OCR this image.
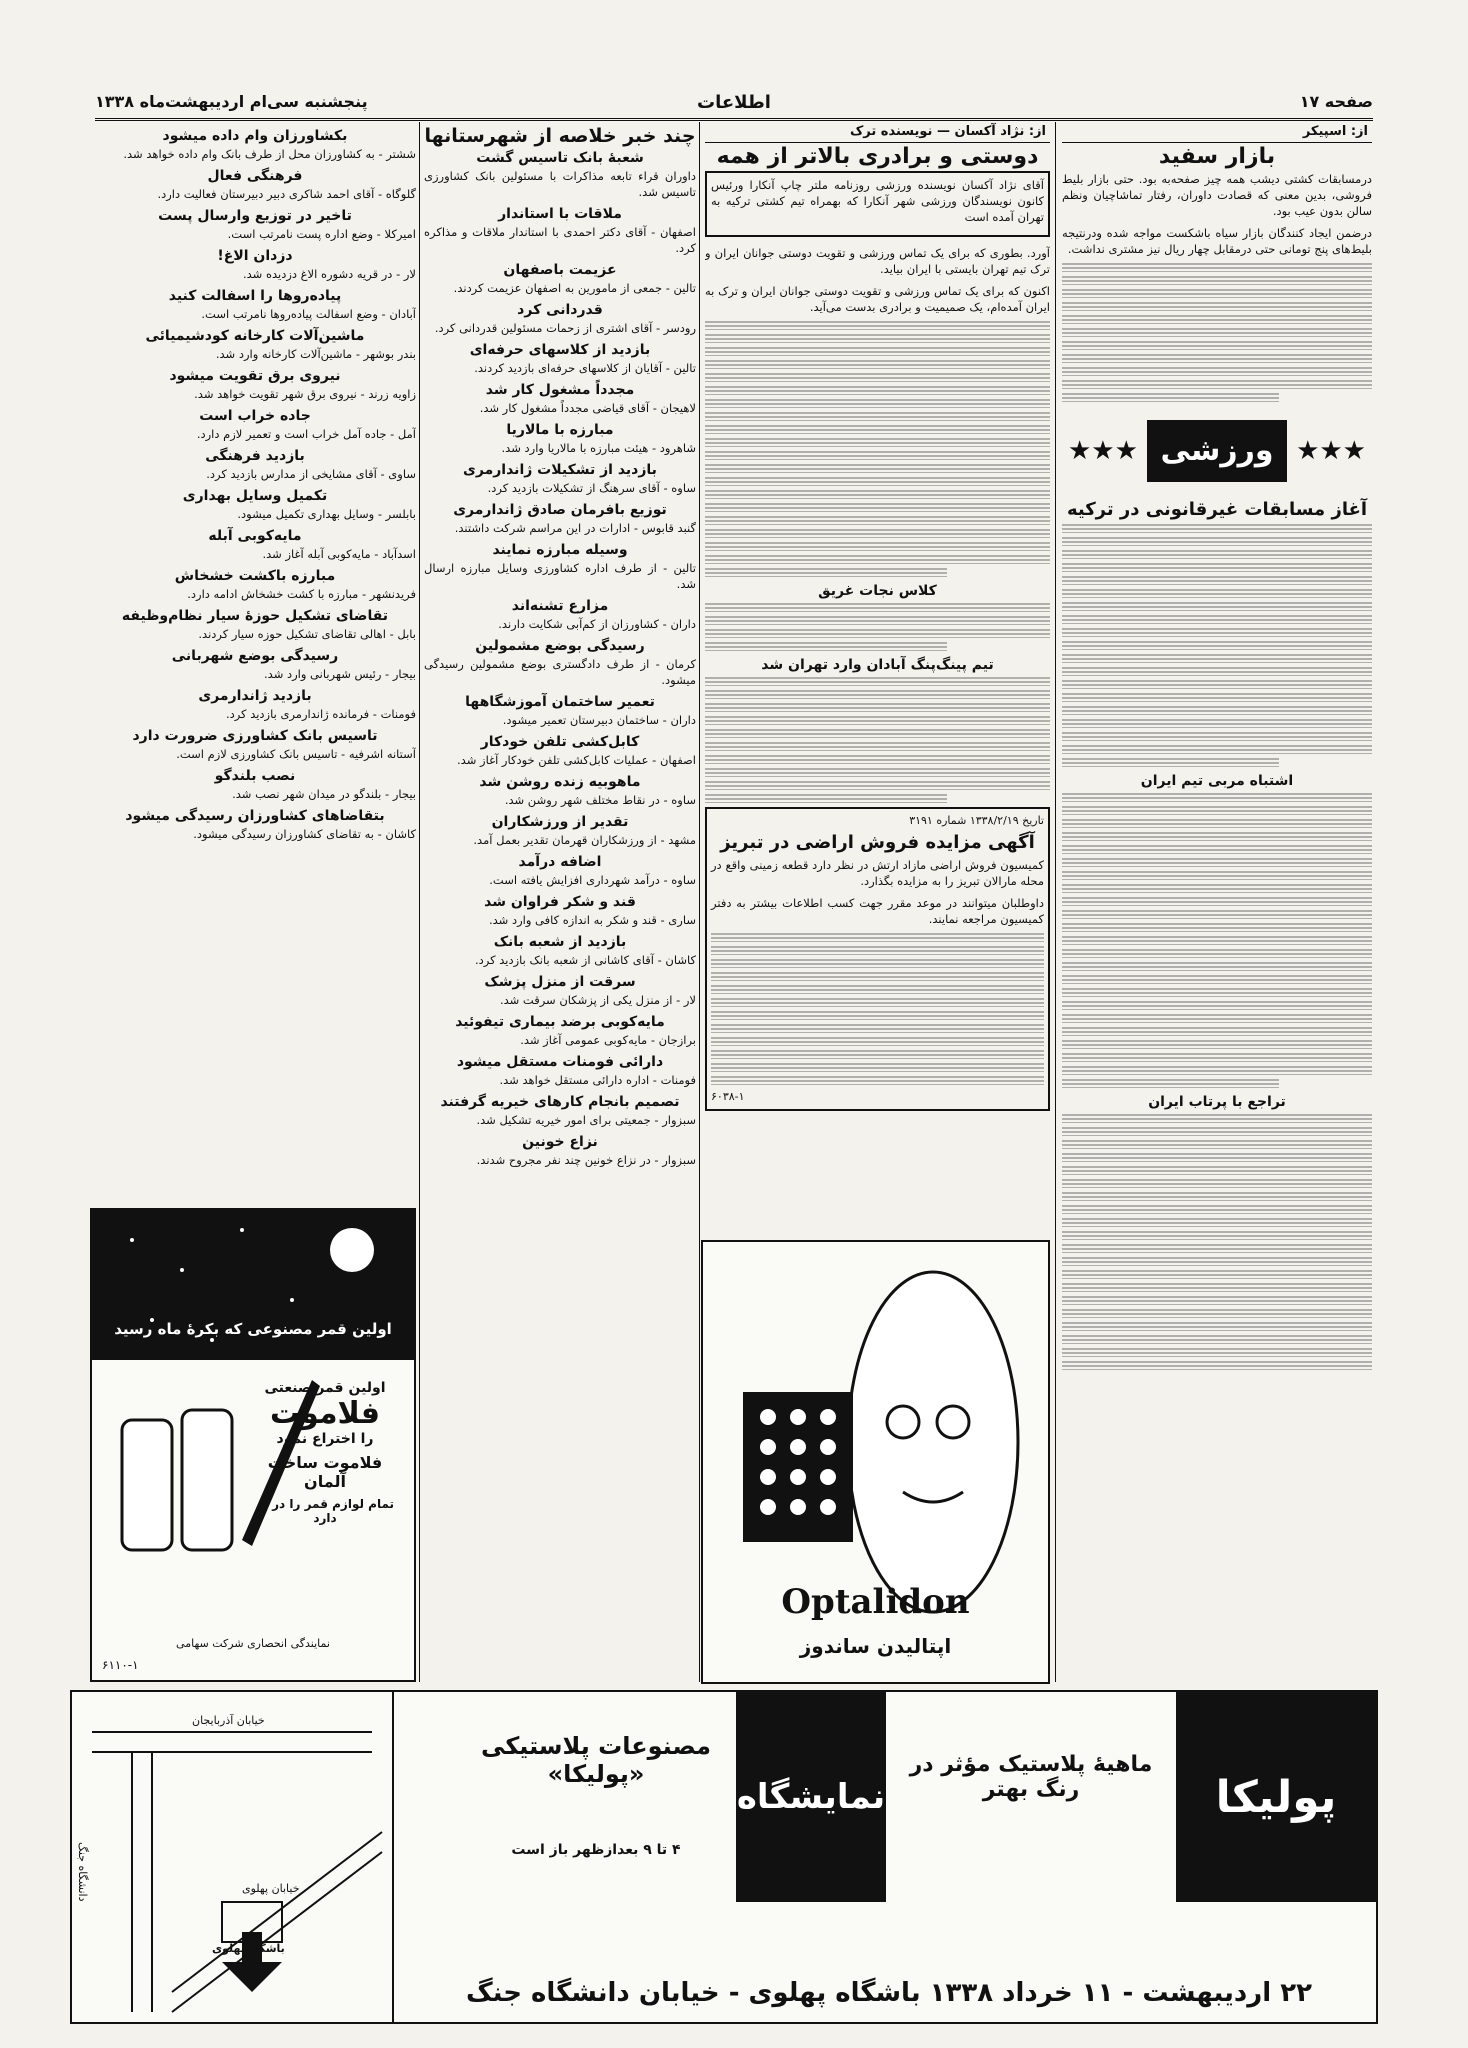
صفحه ۱۷
اطلاعات
پنجشنبه سی‌ام اردیبهشت‌ماه ۱۳۳۸
از: اسپیکر
بازار سفید

درمسابقات کشتی دیشب همه چیز صفحه‌به بود. حتی بازار بلیط فروشی، بدین معنی که قصادت داوران، رفتار تماشاچیان ونظم سالن بدون عیب بود.

درضمن ایجاد کنندگان بازار سیاه باشکست مواجه شده ودرنتیجه بلیط‌های پنج تومانی حتی درمقابل چهار ریال نیز مشتری نداشت.

★★★
ورزشی
★★★
آغاز مسابقات غیرقانونی در ترکیه
اشتباه مربی تیم ایران
تراجع با پرتاب ایران
از: نژاد آکسان — نویسنده ترک
دوستی و برادری بالاتر از همه

آقای نژاد آکسان نویسنده ورزشی روزنامه ملتر چاپ آنکارا ورئیس کانون نویسندگان ورزشی شهر آنکارا که بهمراه تیم کشتی ترکیه به تهران آمده است

آورد. بطوری که برای یک تماس ورزشی و تقویت دوستی جوانان ایران و ترک تیم تهران بایستی با ایران بیاید.

اکنون که برای یک تماس ورزشی و تقویت دوستی جوانان ایران و ترک به ایران آمده‌ام، یک صمیمیت و برادری بدست می‌آید.

کلاس نجات غریق
تیم پینگ‌پنگ آبادان وارد تهران شد
تاریخ ۱۳۳۸/۲/۱۹ شماره ۳۱۹۱
آگهی مزایده فروش اراضی در تبریز

کمیسیون فروش اراضی مازاد ارتش در نظر دارد قطعه زمینی واقع در محله مارالان تبریز را به مزایده بگذارد.

داوطلبان میتوانند در موعد مقرر جهت کسب اطلاعات بیشتر به دفتر کمیسیون مراجعه نمایند.

۶۰۳۸-۱
Optalidon
اپتالیدن ساندوز
چند خبر خلاصه از شهرستانها
شعبهٔ بانک تاسیس گشت

داوران قراء تابعه مذاکرات با مسئولین بانک کشاورزی تاسیس شد.

ملاقات با استاندار

اصفهان - آقای دکتر احمدی با استاندار ملاقات و مذاکره کرد.

عزیمت باصفهان

تالین - جمعی از مامورین به اصفهان عزیمت کردند.

قدردانی کرد

رودسر - آقای اشتری از زحمات مسئولین قدردانی کرد.

بازدید از کلاسهای حرفه‌ای

تالین - آقایان از کلاسهای حرفه‌ای بازدید کردند.

مجدداً مشغول کار شد

لاهیجان - آقای قیاضی مجدداً مشغول کار شد.

مبارزه با مالاریا

شاهرود - هیئت مبارزه با مالاریا وارد شد.

بازدید از تشکیلات ژاندارمری

ساوه - آقای سرهنگ از تشکیلات بازدید کرد.

توزیع بافرمان صادق ژاندارمری

گنبد قابوس - ادارات در این مراسم شرکت داشتند.

وسیله مبارزه نمایند

تالین - از طرف اداره کشاورزی وسایل مبارزه ارسال شد.

مزارع تشنه‌اند

داران - کشاورزان از کم‌آبی شکایت دارند.

رسیدگی بوضع مشمولین

کرمان - از طرف دادگستری بوضع مشمولین رسیدگی میشود.

تعمیر ساختمان آموزشگاهها

داران - ساختمان دبیرستان تعمیر میشود.

کابل‌کشی تلفن خودکار

اصفهان - عملیات کابل‌کشی تلفن خودکار آغاز شد.

ماهوبیه زنده روشن شد

ساوه - در نقاط مختلف شهر روشن شد.

تقدیر از ورزشکاران

مشهد - از ورزشکاران قهرمان تقدیر بعمل آمد.

اضافه درآمد

ساوه - درآمد شهرداری افزایش یافته است.

قند و شکر فراوان شد

ساری - قند و شکر به اندازه کافی وارد شد.

بازدید از شعبه بانک

کاشان - آقای کاشانی از شعبه بانک بازدید کرد.

سرقت از منزل پزشک

لار - از منزل یکی از پزشکان سرقت شد.

مایه‌کوبی برضد بیماری تیفوئید

برازجان - مایه‌کوبی عمومی آغاز شد.

دارائی فومنات مستقل میشود

فومنات - اداره دارائی مستقل خواهد شد.

تصمیم بانجام کارهای خیریه گرفتند

سبزوار - جمعیتی برای امور خیریه تشکیل شد.

نزاع خونین

سبزوار - در نزاع خونین چند نفر مجروح شدند.

بکشاورزان وام داده میشود

ششتر - به کشاورزان محل از طرف بانک وام داده خواهد شد.

فرهنگی فعال

گلوگاه - آقای احمد شاکری دبیر دبیرستان فعالیت دارد.

تاخیر در توزیع وارسال پست

امیرکلا - وضع اداره پست نامرتب است.

دزدان الاغ!

لار - در قریه دشوره الاغ دزدیده شد.

پیاده‌روها را اسفالت کنید

آبادان - وضع اسفالت پیاده‌روها نامرتب است.

ماشین‌آلات کارخانه کودشیمیائی

بندر بوشهر - ماشین‌آلات کارخانه وارد شد.

نیروی برق تقویت میشود

زاویه زرند - نیروی برق شهر تقویت خواهد شد.

جاده خراب است

آمل - جاده آمل خراب است و تعمیر لازم دارد.

بازدید فرهنگی

ساوی - آقای مشایخی از مدارس بازدید کرد.

تکمیل وسایل بهداری

بابلسر - وسایل بهداری تکمیل میشود.

مایه‌کوبی آبله

اسدآباد - مایه‌کوبی آبله آغاز شد.

مبارزه باکشت خشخاش

فریدنشهر - مبارزه با کشت خشخاش ادامه دارد.

تقاضای تشکیل حوزهٔ سیار نظام‌وظیفه

بابل - اهالی تقاضای تشکیل حوزه سیار کردند.

رسیدگی بوضع شهربانی

بیجار - رئیس شهربانی وارد شد.

بازدید ژاندارمری

فومنات - فرمانده ژاندارمری بازدید کرد.

تاسیس بانک کشاورزی ضرورت دارد

آستانه اشرفیه - تاسیس بانک کشاورزی لازم است.

نصب بلندگو

بیجار - بلندگو در میدان شهر نصب شد.

بتقاضاهای کشاورزان رسیدگی میشود

کاشان - به تقاضای کشاورزان رسیدگی میشود.

اولین قمر مصنوعی که بکرهٔ ماه رسید
اولین قمر صنعتی
فلاموت
را اختراع نمود
فلاموت ساخت آلمان
تمام لوازم قمر را در بر دارد
نمایندگی انحصاری شرکت سهامی
۶۱۱۰-۱
پولیکا
ماهیهٔ پلاستیک مؤثر در رنگ بهتر
نمایشگاه
مصنوعات پلاستیکی «پولیکا»
۴ تا ۹ بعدازظهر باز است
۲۲ اردیبهشت - ۱۱ خرداد ۱۳۳۸ باشگاه پهلوی - خیابان دانشگاه جنگ
خیابان آذربایجان
خیابان پهلوی
باشگاه پهلوی
دانشگاه جنگ
